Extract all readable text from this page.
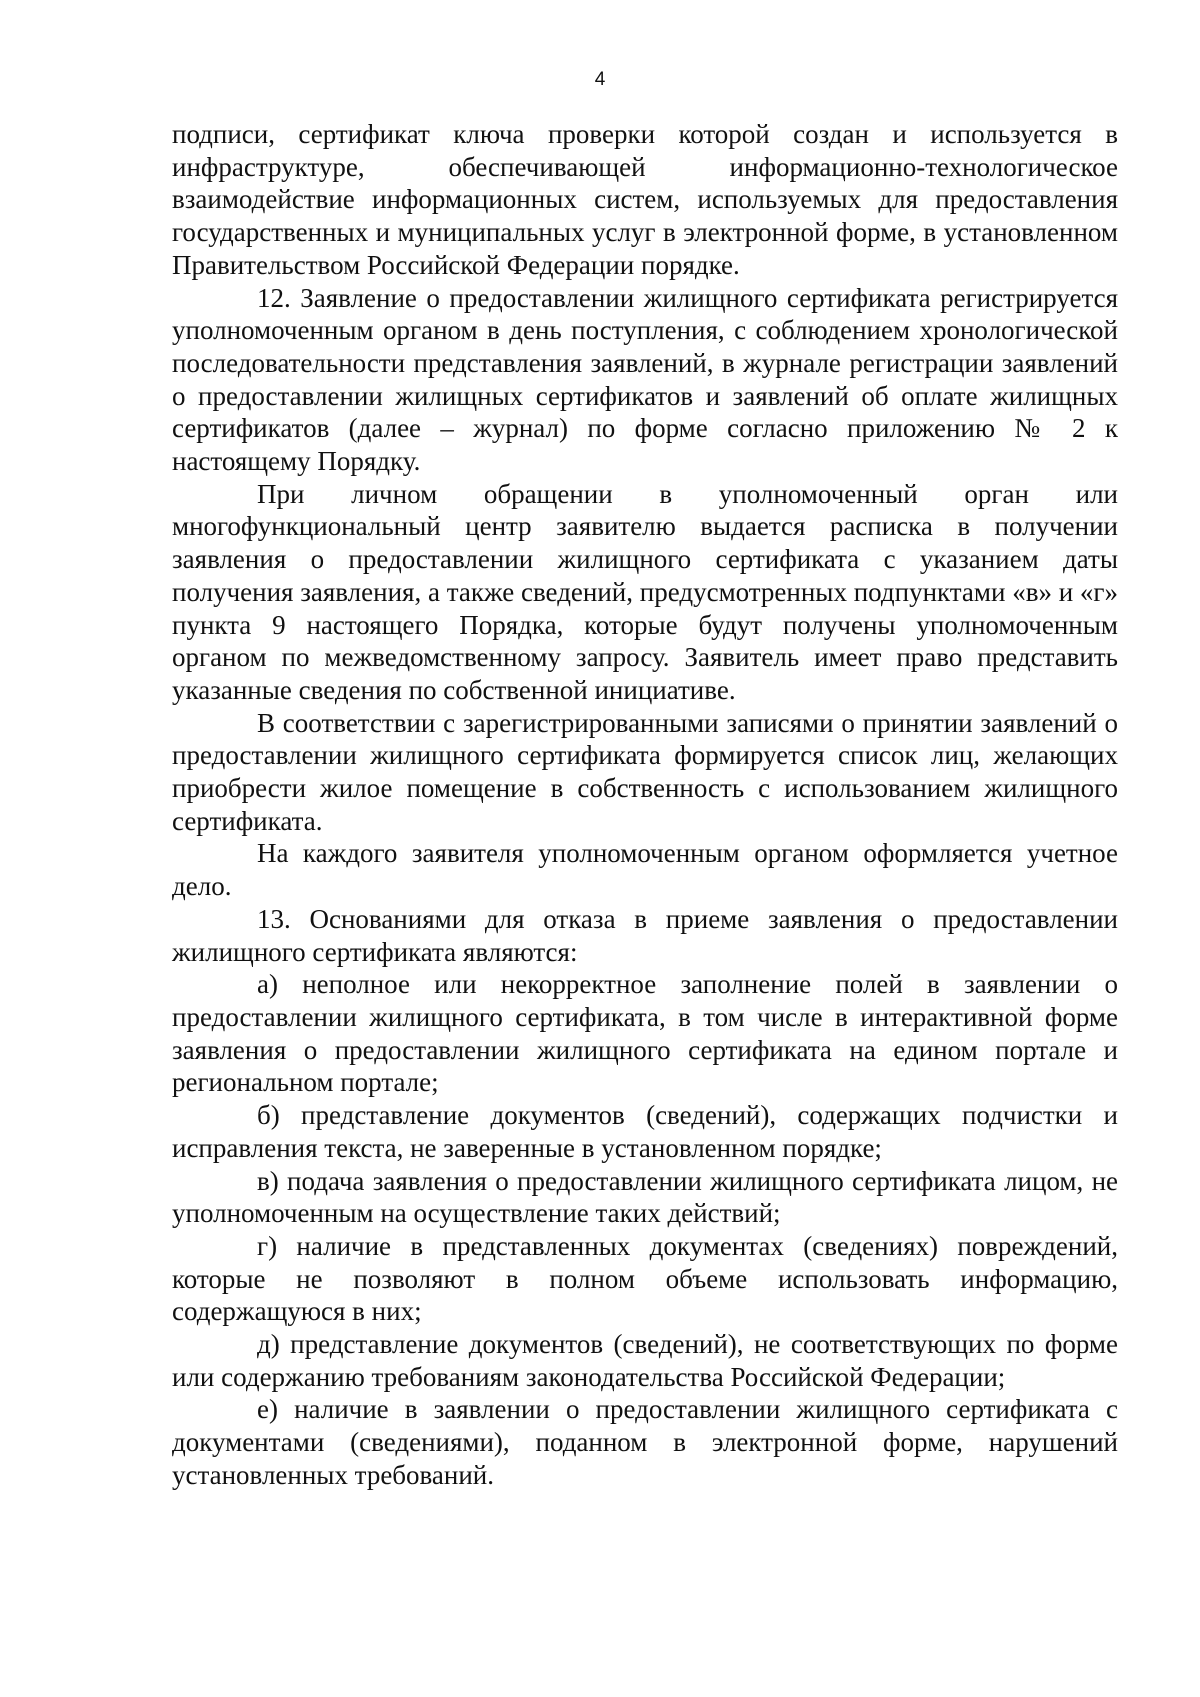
4

подписи, сертификат ключа проверки которой создан и используется в инфраструктуре, обеспечивающей информационно-технологическое взаимодействие информационных систем, используемых для предоставления государственных и муниципальных услуг в электронной форме, в установленном Правительством Российской Федерации порядке.

12. Заявление о предоставлении жилищного сертификата регистрируется уполномоченным органом в день поступления, с соблюдением хронологической последовательности представления заявлений, в журнале регистрации заявлений о предоставлении жилищных сертификатов и заявлений об оплате жилищных сертификатов (далее – журнал) по форме согласно приложению № 2 к настоящему Порядку.

При личном обращении в уполномоченный орган или многофункциональный центр заявителю выдается расписка в получении заявления о предоставлении жилищного сертификата с указанием даты получения заявления, а также сведений, предусмотренных подпунктами «в» и «г» пункта 9 настоящего Порядка, которые будут получены уполномоченным органом по межведомственному запросу. Заявитель имеет право представить указанные сведения по собственной инициативе.

В соответствии с зарегистрированными записями о принятии заявлений о предоставлении жилищного сертификата формируется список лиц, желающих приобрести жилое помещение в собственность с использованием жилищного сертификата.

На каждого заявителя уполномоченным органом оформляется учетное дело.

13. Основаниями для отказа в приеме заявления о предоставлении жилищного сертификата являются:

а) неполное или некорректное заполнение полей в заявлении о предоставлении жилищного сертификата, в том числе в интерактивной форме заявления о предоставлении жилищного сертификата на едином портале и региональном портале;

б) представление документов (сведений), содержащих подчистки и исправления текста, не заверенные в установленном порядке;

в) подача заявления о предоставлении жилищного сертификата лицом, не уполномоченным на осуществление таких действий;

г) наличие в представленных документах (сведениях) повреждений, которые не позволяют в полном объеме использовать информацию, содержащуюся в них;

д) представление документов (сведений), не соответствующих по форме или содержанию требованиям законодательства Российской Федерации;

е) наличие в заявлении о предоставлении жилищного сертификата с документами (сведениями), поданном в электронной форме, нарушений установленных требований.
